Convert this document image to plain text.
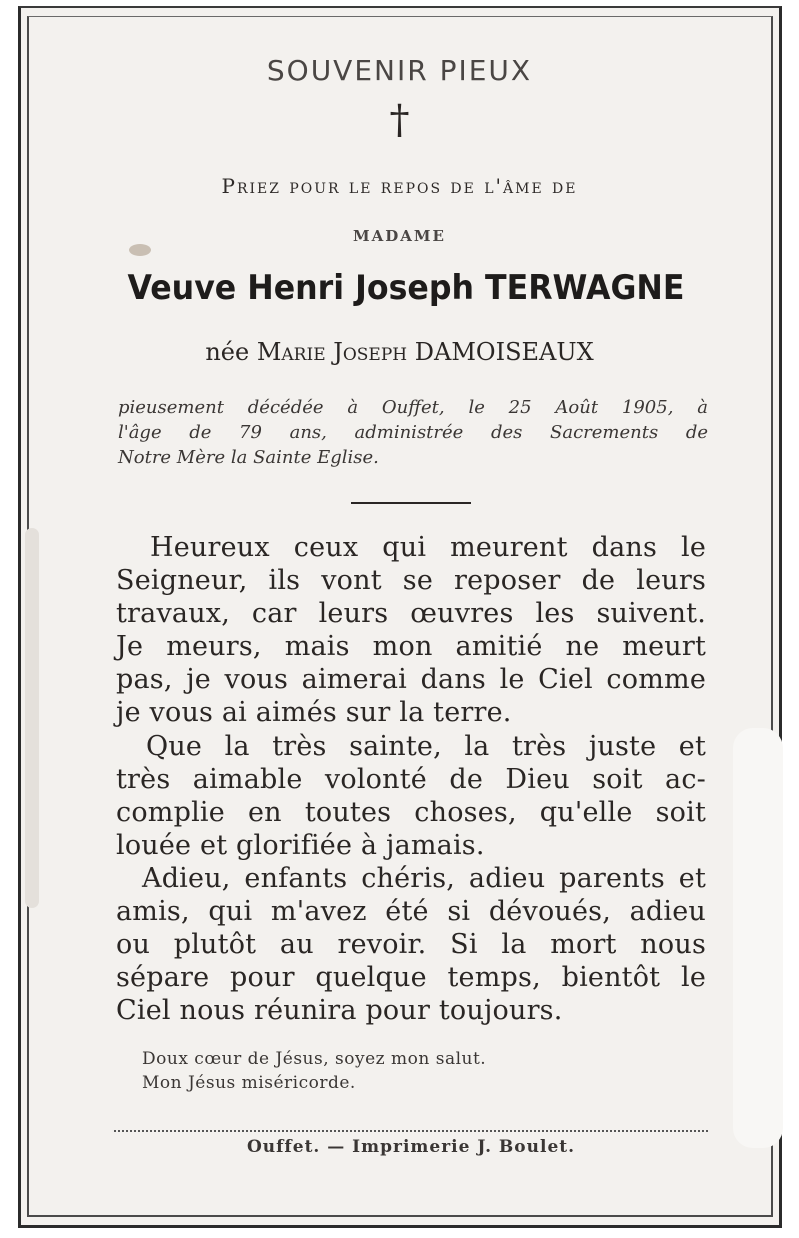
SOUVENIR PIEUX
†
Priez pour le repos de l'âme de
MADAME
Veuve Henri Joseph TERWAGNE
née Marie Joseph DAMOISEAUX
pieusement décédée à Ouffet, le 25 Août 1905, à
l'âge de 79 ans, administrée des Sacrements de
Notre Mère la Sainte Eglise.
Heureux ceux qui meurent dans le
Seigneur, ils vont se reposer de leurs
travaux, car leurs œuvres les suivent.
Je meurs, mais mon amitié ne meurt
pas, je vous aimerai dans le Ciel comme
je vous ai aimés sur la terre.
Que la très sainte, la très juste et
très aimable volonté de Dieu soit ac-
complie en toutes choses, qu'elle soit
louée et glorifiée à jamais.
Adieu, enfants chéris, adieu parents et
amis, qui m'avez été si dévoués, adieu
ou plutôt au revoir. Si la mort nous
sépare pour quelque temps, bientôt le
Ciel nous réunira pour toujours.
Doux cœur de Jésus, soyez mon salut.
Mon Jésus miséricorde.
Ouffet. — Imprimerie J. Boulet.
